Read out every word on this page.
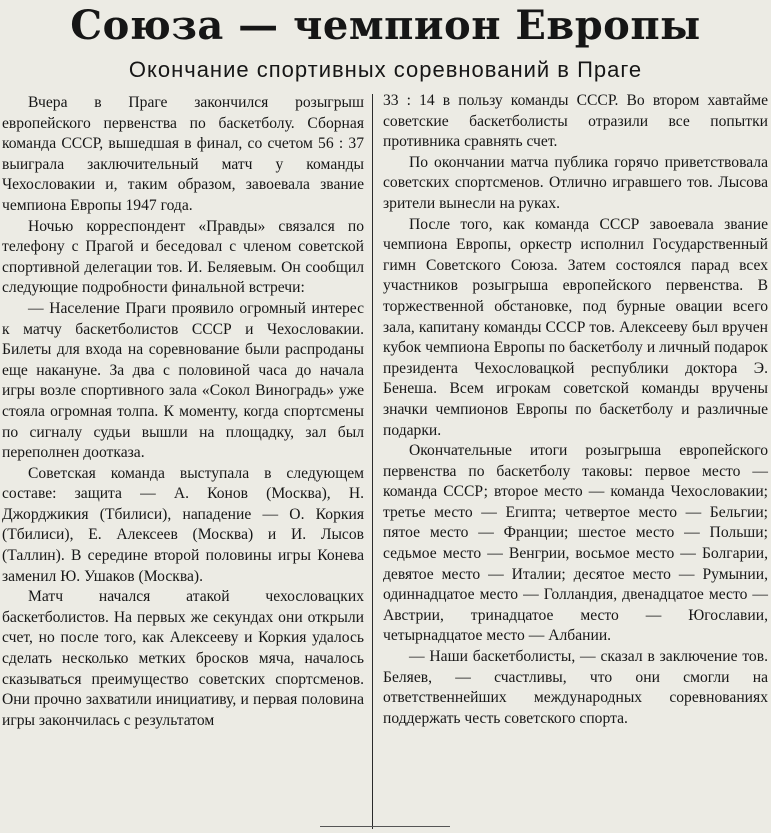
Союза — чемпион Европы
Окончание спортивных соревнований в Праге

Вчера в Праге закончился розыгрыш европейского первенства по баскетболу. Сборная команда СССР, вышедшая в финал, со счетом 56 : 37 выиграла заключительный матч у команды Чехословакии и, таким образом, завоевала звание чемпиона Европы 1947 года.

Ночью корреспондент «Правды» связался по телефону с Прагой и беседовал с членом советской спортивной делегации тов. И. Беляевым. Он сообщил следующие подробности финальной встречи:

— Население Праги проявило огромный интерес к матчу баскетболистов СССР и Чехословакии. Билеты для входа на соревнование были распроданы еще накануне. За два с половиной часа до начала игры возле спортивного зала «Сокол Виноградь» уже стояла огромная толпа. К моменту, когда спортсмены по сигналу судьи вышли на площадку, зал был переполнен доотказа.

Советская команда выступала в следующем составе: защита — А. Конов (Москва), Н. Джорджикия (Тбилиси), нападение — О. Коркия (Тбилиси), Е. Алексеев (Москва) и И. Лысов (Таллин). В середине второй половины игры Конева заменил Ю. Ушаков (Москва).

Матч начался атакой чехословацких баскетболистов. На первых же секундах они открыли счет, но после того, как Алексееву и Коркия удалось сделать несколько метких бросков мяча, началось сказываться преимущество советских спортсменов. Они прочно захватили инициативу, и первая половина игры закончилась с результатом

33 : 14 в пользу команды СССР. Во втором хавтайме советские баскетболисты отразили все попытки противника сравнять счет.

По окончании матча публика горячо приветствовала советских спортсменов. Отлично игравшего тов. Лысова зрители вынесли на руках.

После того, как команда СССР завоевала звание чемпиона Европы, оркестр исполнил Государственный гимн Советского Союза. Затем состоялся парад всех участников розыгрыша европейского первенства. В торжественной обстановке, под бурные овации всего зала, капитану команды СССР тов. Алексееву был вручен кубок чемпиона Европы по баскетболу и личный подарок президента Чехословацкой республики доктора Э. Бенеша. Всем игрокам советской команды вручены значки чемпионов Европы по баскетболу и различные подарки.

Окончательные итоги розыгрыша европейского первенства по баскетболу таковы: первое место — команда СССР; второе место — команда Чехословакии; третье место — Египта; четвертое место — Бельгии; пятое место — Франции; шестое место — Польши; седьмое место — Венгрии, восьмое место — Болгарии, девятое место — Италии; десятое место — Румынии, одиннадцатое место — Голландия, двенадцатое место — Австрии, тринадцатое место — Югославии, четырнадцатое место — Албании.

— Наши баскетболисты, — сказал в заключение тов. Беляев, — счастливы, что они смогли на ответственнейших международных соревнованиях поддержать честь советского спорта.
